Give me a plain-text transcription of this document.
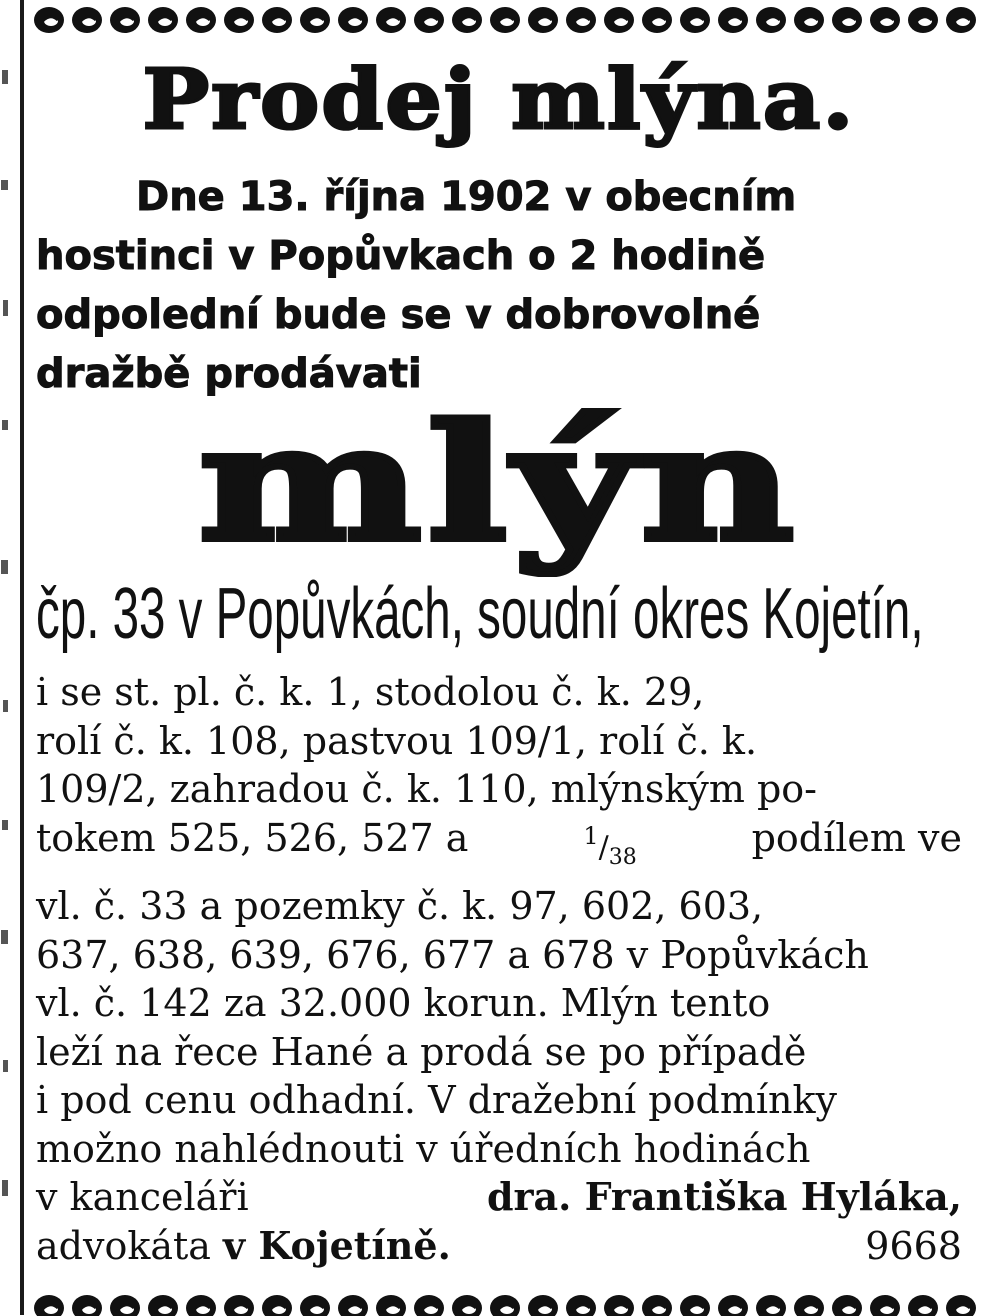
Prodej mlýna.
Dne 13. října 1902 v obecním
hostinci v Popůvkach o 2 hodině
odpolední bude se v dobrovolné
dražbě prodávati
mlýn
čp. 33 v Popůvkách, soudní okres Kojetín,
i se st. pl. č. k. 1, stodolou č. k. 29,
rolí č. k. 108, pastvou 109/1, rolí č. k.
109/2, zahradou č. k. 110, mlýnským po-
tokem 525, 526, 527 a	$^1/_{38}$	podílem ve
vl. č. 33 a pozemky č. k. 97, 602, 603,
637, 638, 639, 676, 677 a 678 v Popůvkách
vl. č. 142 za 32.000 korun. Mlýn tento
leží na řece Hané a prodá se po případě
i pod cenu odhadní. V dražební podmínky
možno nahlédnouti v úředních hodinách
v kanceláři	dra. Františka Hyláka,
advokáta v Kojetíně.	9668
